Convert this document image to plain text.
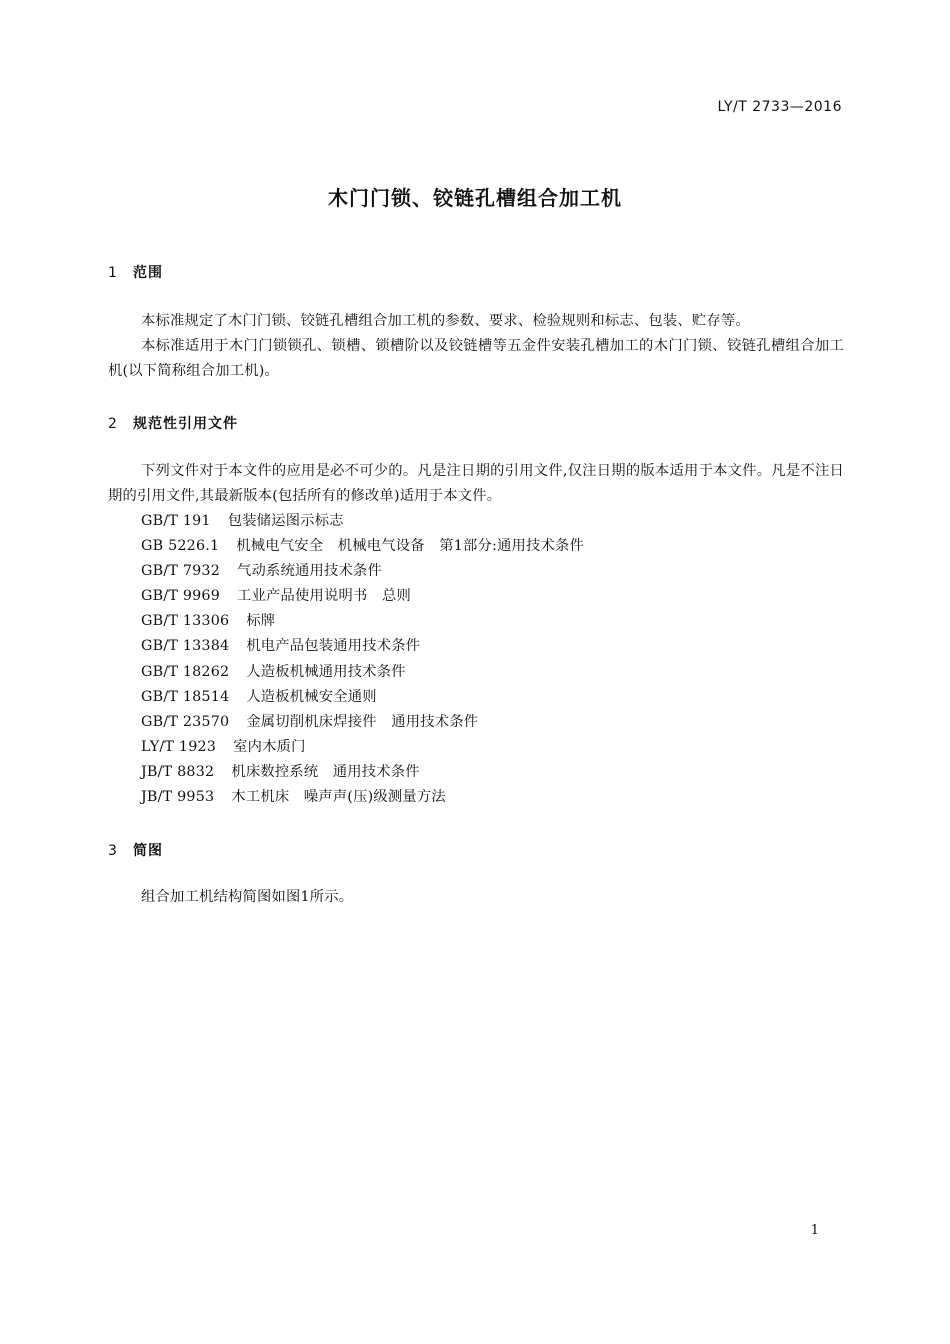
LY/T 2733—2016
木门门锁、铰链孔槽组合加工机
1 范围

本标准规定了木门门锁、铰链孔槽组合加工机的参数、要求、检验规则和标志、包装、贮存等。

本标准适用于木门门锁锁孔、锁槽、锁槽阶以及铰链槽等五金件安装孔槽加工的木门门锁、铰链孔槽组合加工机(以下简称组合加工机)。

2 规范性引用文件

下列文件对于本文件的应用是必不可少的。凡是注日期的引用文件,仅注日期的版本适用于本文件。凡是不注日期的引用文件,其最新版本(包括所有的修改单)适用于本文件。

GB/T 191 包装储运图示标志
GB 5226.1 机械电气安全　机械电气设备　第1部分:通用技术条件
GB/T 7932 气动系统通用技术条件
GB/T 9969 工业产品使用说明书　总则
GB/T 13306 标牌
GB/T 13384 机电产品包装通用技术条件
GB/T 18262 人造板机械通用技术条件
GB/T 18514 人造板机械安全通则
GB/T 23570 金属切削机床焊接件　通用技术条件
LY/T 1923 室内木质门
JB/T 8832 机床数控系统　通用技术条件
JB/T 9953 木工机床　噪声声(压)级测量方法
3 简图

组合加工机结构简图如图1所示。

1
